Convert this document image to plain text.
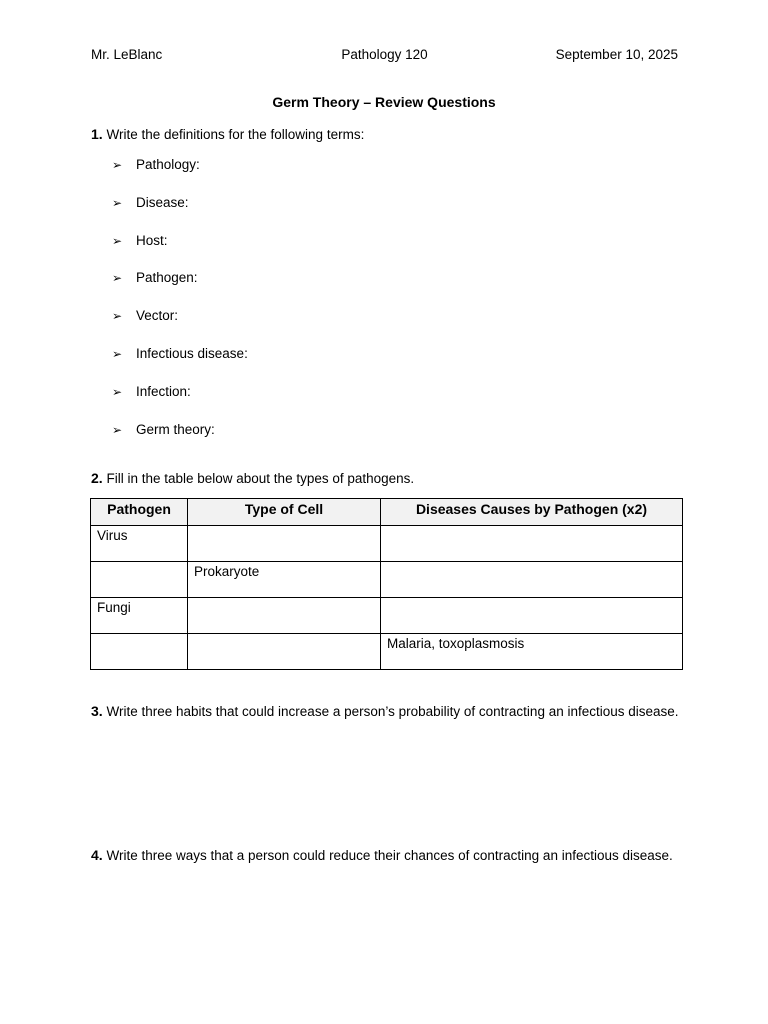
Mr. LeBlanc	Pathology 120	September 10, 2025
Germ Theory – Review Questions
1. Write the definitions for the following terms:
➢ Pathology:
➢ Disease:
➢ Host:
➢ Pathogen:
➢ Vector:
➢ Infectious disease:
➢ Infection:
➢ Germ theory:
2. Fill in the table below about the types of pathogens.
Pathogen	Type of Cell	Diseases Causes by Pathogen (x2)
Virus		
	Prokaryote	
Fungi		
		Malaria, toxoplasmosis
3. Write three habits that could increase a person’s probability of contracting an infectious disease.
4. Write three ways that a person could reduce their chances of contracting an infectious disease.
